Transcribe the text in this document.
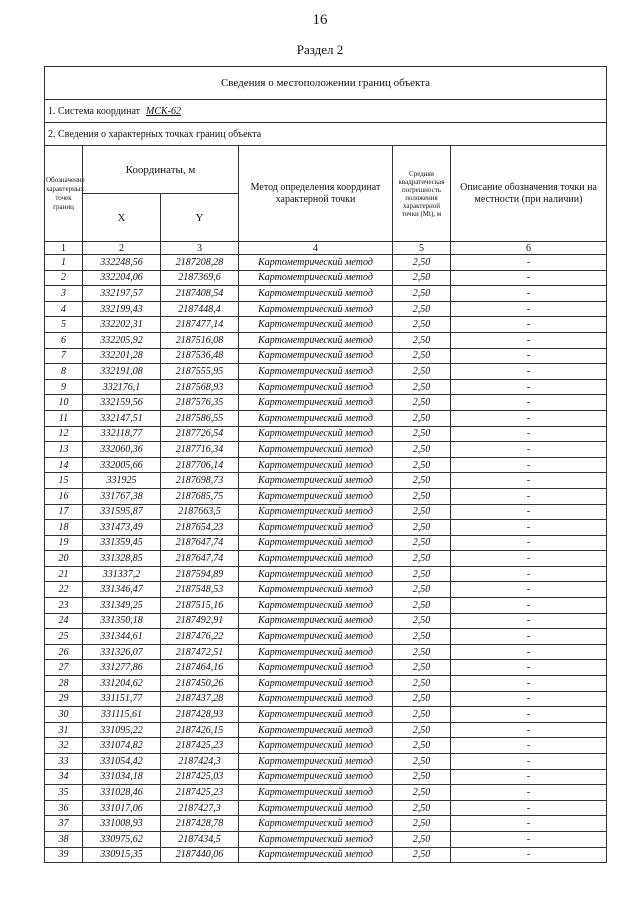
16
Раздел 2
Сведения о местоположении границ объекта					
1. Система координат МСК-62					
2. Сведения о характерных точках границ объекта					
Обозначение характерных точек границ	Координаты, м		Метод определения координат характерной точки	Средняя квадратическая погрешность положения характерной точки (Mt), м	Описание обозначения точки на местности (при наличии)
	X	Y			
1	2	3	4	5	6
1	332248,56	2187208,28	Картометрический метод	2,50	-
2	332204,06	2187369,6	Картометрический метод	2,50	-
3	332197,57	2187408,54	Картометрический метод	2,50	-
4	332199,43	2187448,4	Картометрический метод	2,50	-
5	332202,31	2187477,14	Картометрический метод	2,50	-
6	332205,92	2187516,08	Картометрический метод	2,50	-
7	332201,28	2187536,48	Картометрический метод	2,50	-
8	332191,08	2187555,95	Картометрический метод	2,50	-
9	332176,1	2187568,93	Картометрический метод	2,50	-
10	332159,56	2187576,35	Картометрический метод	2,50	-
11	332147,51	2187586,55	Картометрический метод	2,50	-
12	332118,77	2187726,54	Картометрический метод	2,50	-
13	332060,36	2187716,34	Картометрический метод	2,50	-
14	332005,66	2187706,14	Картометрический метод	2,50	-
15	331925	2187698,73	Картометрический метод	2,50	-
16	331767,38	2187685,75	Картометрический метод	2,50	-
17	331595,87	2187663,5	Картометрический метод	2,50	-
18	331473,49	2187654,23	Картометрический метод	2,50	-
19	331359,45	2187647,74	Картометрический метод	2,50	-
20	331328,85	2187647,74	Картометрический метод	2,50	-
21	331337,2	2187594,89	Картометрический метод	2,50	-
22	331346,47	2187548,53	Картометрический метод	2,50	-
23	331349,25	2187515,16	Картометрический метод	2,50	-
24	331350,18	2187492,91	Картометрический метод	2,50	-
25	331344,61	2187476,22	Картометрический метод	2,50	-
26	331326,07	2187472,51	Картометрический метод	2,50	-
27	331277,86	2187464,16	Картометрический метод	2,50	-
28	331204,62	2187450,26	Картометрический метод	2,50	-
29	331151,77	2187437,28	Картометрический метод	2,50	-
30	331115,61	2187428,93	Картометрический метод	2,50	-
31	331095,22	2187426,15	Картометрический метод	2,50	-
32	331074,82	2187425,23	Картометрический метод	2,50	-
33	331054,42	2187424,3	Картометрический метод	2,50	-
34	331034,18	2187425,03	Картометрический метод	2,50	-
35	331028,46	2187425,23	Картометрический метод	2,50	-
36	331017,06	2187427,3	Картометрический метод	2,50	-
37	331008,93	2187428,78	Картометрический метод	2,50	-
38	330975,62	2187434,5	Картометрический метод	2,50	-
39	330915,35	2187440,06	Картометрический метод	2,50	-
